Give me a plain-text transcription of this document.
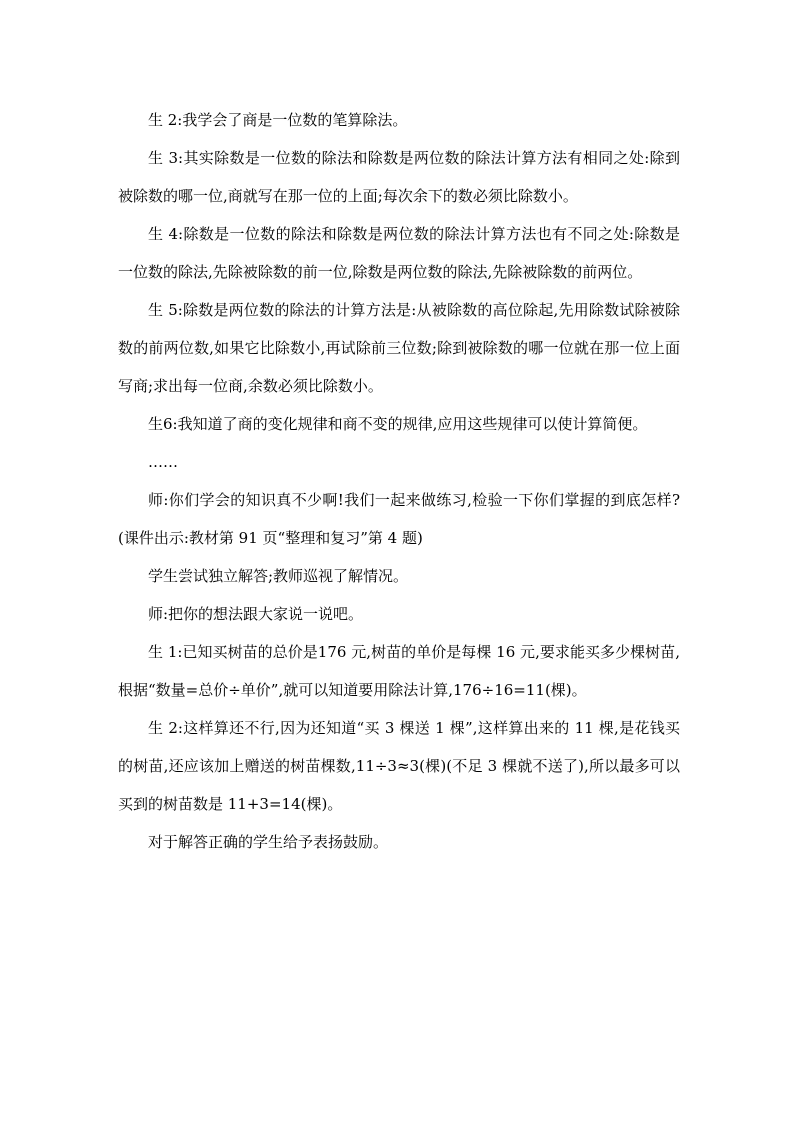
生 2:我学会了商是一位数的笔算除法。

生 3:其实除数是一位数的除法和除数是两位数的除法计算方法有相同之处:除到被除数的哪一位,商就写在那一位的上面;每次余下的数必须比除数小。

生 4:除数是一位数的除法和除数是两位数的除法计算方法也有不同之处:除数是一位数的除法,先除被除数的前一位,除数是两位数的除法,先除被除数的前两位。

生 5:除数是两位数的除法的计算方法是:从被除数的高位除起,先用除数试除被除数的前两位数,如果它比除数小,再试除前三位数;除到被除数的哪一位就在那一位上面写商;求出每一位商,余数必须比除数小。

生6:我知道了商的变化规律和商不变的规律,应用这些规律可以使计算简便。

……

师:你们学会的知识真不少啊!我们一起来做练习,检验一下你们掌握的到底怎样?(课件出示:教材第 91 页“整理和复习”第 4 题)

学生尝试独立解答;教师巡视了解情况。

师:把你的想法跟大家说一说吧。

生 1:已知买树苗的总价是176 元,树苗的单价是每棵 16 元,要求能买多少棵树苗,根据“数量=总价÷单价”,就可以知道要用除法计算,176÷16=11(棵)。

生 2:这样算还不行,因为还知道“买 3 棵送 1 棵”,这样算出来的 11 棵,是花钱买的树苗,还应该加上赠送的树苗棵数,11÷3≈3(棵)(不足 3 棵就不送了),所以最多可以买到的树苗数是 11+3=14(棵)。

对于解答正确的学生给予表扬鼓励。
